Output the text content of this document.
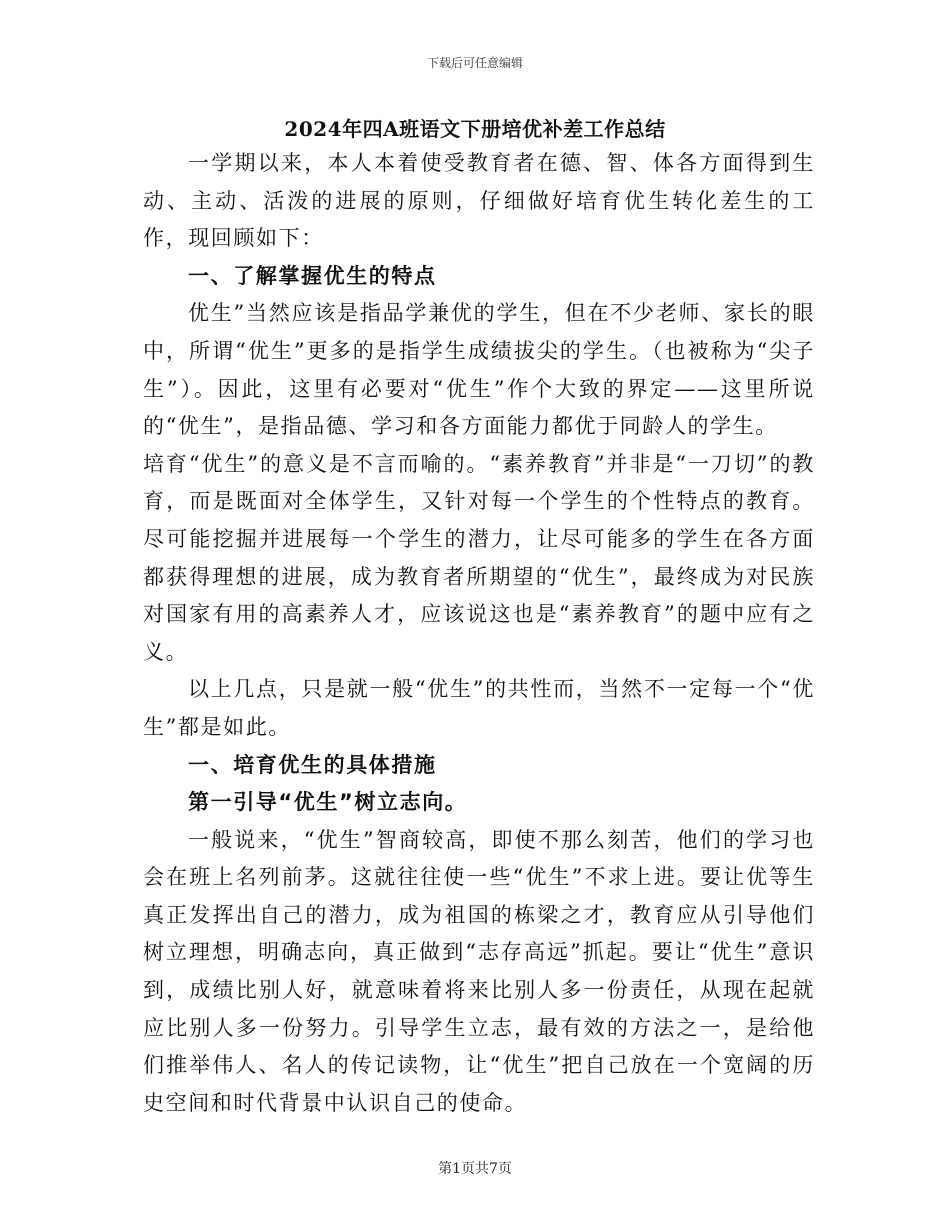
下载后可任意编辑
2024年四A班语文下册培优补差工作总结

一学期以来，本人本着使受教育者在德、智、体各方面得到生动、主动、活泼的进展的原则，仔细做好培育优生转化差生的工作，现回顾如下：

一、了解掌握优生的特点

优生”当然应该是指品学兼优的学生，但在不少老师、家长的眼中，所谓“优生”更多的是指学生成绩拔尖的学生。（也被称为“尖子生”）。因此，这里有必要对“优生”作个大致的界定——这里所说的“优生”，是指品德、学习和各方面能力都优于同龄人的学生。

培育“优生”的意义是不言而喻的。“素养教育”并非是“一刀切”的教育，而是既面对全体学生，又针对每一个学生的个性特点的教育。尽可能挖掘并进展每一个学生的潜力，让尽可能多的学生在各方面都获得理想的进展，成为教育者所期望的“优生”，最终成为对民族对国家有用的高素养人才，应该说这也是“素养教育”的题中应有之义。

以上几点，只是就一般“优生”的共性而，当然不一定每一个“优生”都是如此。

一、培育优生的具体措施

第一引导“优生”树立志向。

一般说来，“优生”智商较高，即使不那么刻苦，他们的学习也会在班上名列前茅。这就往往使一些“优生”不求上进。要让优等生真正发挥出自己的潜力，成为祖国的栋梁之才，教育应从引导他们树立理想，明确志向，真正做到“志存高远”抓起。要让“优生”意识到，成绩比别人好，就意味着将来比别人多一份责任，从现在起就应比别人多一份努力。引导学生立志，最有效的方法之一，是给他们推举伟人、名人的传记读物，让“优生”把自己放在一个宽阔的历史空间和时代背景中认识自己的使命。

第1页共7页
